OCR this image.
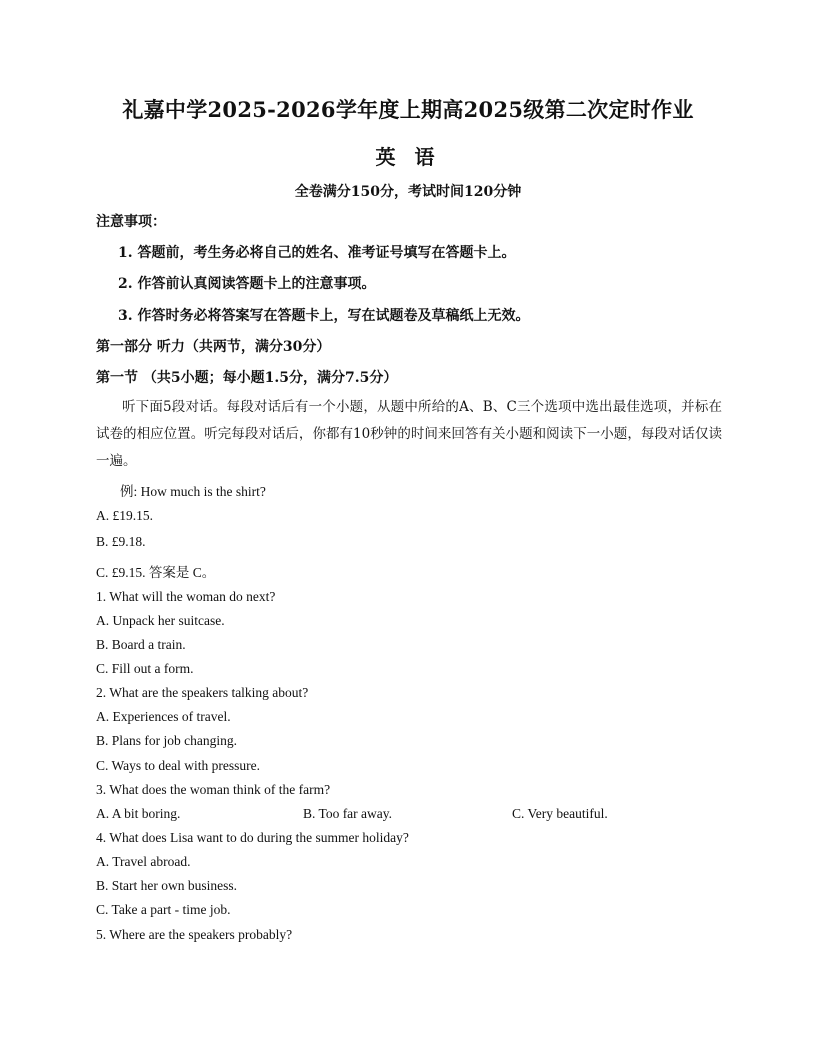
礼嘉中学2025-2026学年度上期高2025级第二次定时作业
英 语
全卷满分150分，考试时间120分钟
注意事项：
1. 答题前，考生务必将自己的姓名、准考证号填写在答题卡上。
2. 作答前认真阅读答题卡上的注意事项。
3. 作答时务必将答案写在答题卡上，写在试题卷及草稿纸上无效。
第一部分 听力（共两节，满分30分）
第一节 （共5小题；每小题1.5分，满分7.5分）
听下面5段对话。每段对话后有一个小题，从题中所给的A、B、C三个选项中选出最佳选项，并标在试卷的相应位置。听完每段对话后，你都有10秒钟的时间来回答有关小题和阅读下一小题，每段对话仅读一遍。
例: How much is the shirt?
A. £19.15.
B. £9.18.
C. £9.15. 答案是 C。
1. What will the woman do next?
A. Unpack her suitcase.
B. Board a train.
C. Fill out a form.
2. What are the speakers talking about?
A. Experiences of travel.
B. Plans for job changing.
C. Ways to deal with pressure.
3. What does the woman think of the farm?
A. A bit boring.	B. Too far away.	C. Very beautiful.
4. What does Lisa want to do during the summer holiday?
A. Travel abroad.
B. Start her own business.
C. Take a part - time job.
5. Where are the speakers probably?
